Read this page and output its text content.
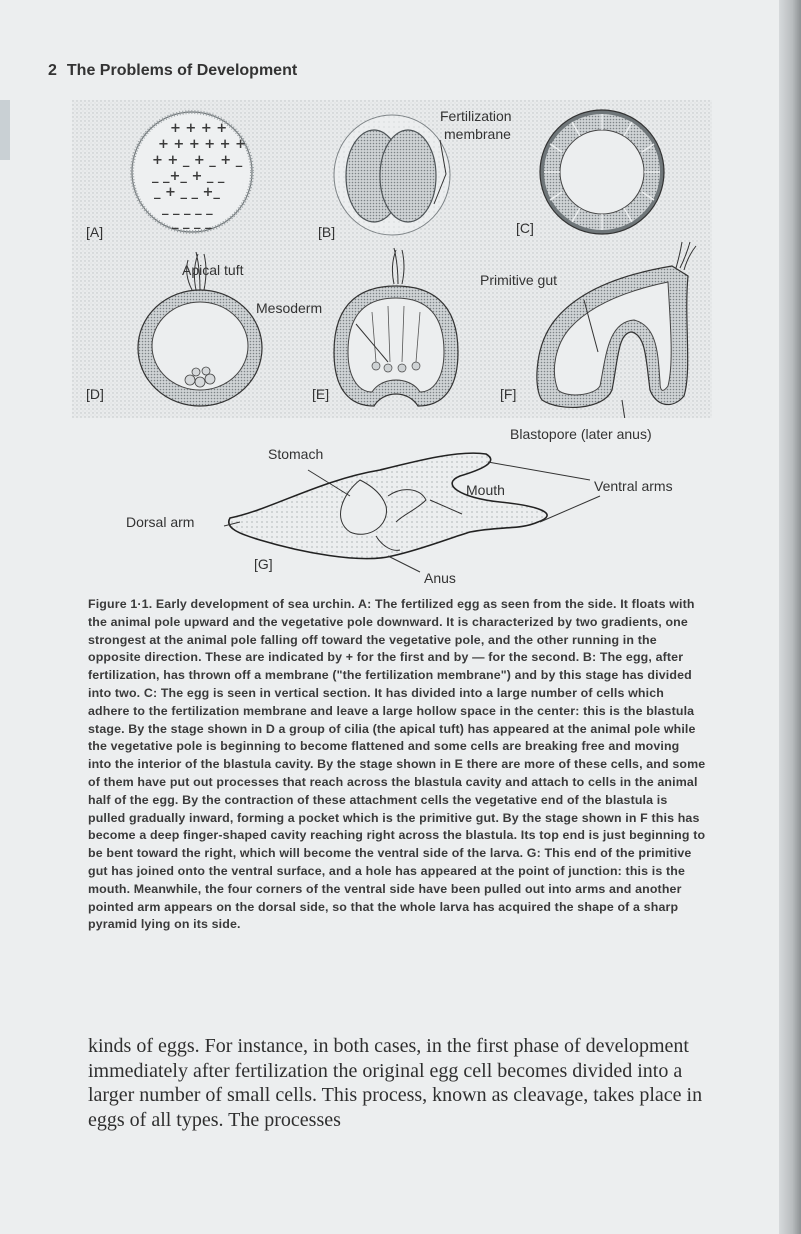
2 The Problems of Development
+ + + +
+ + + + + +
+ + _ + _ + _
_ _+_ + _ _
_ + _ _ +_
_ _ _ _ _
_ _ _ _
[A]	[B]	[C]
[D]	[E]	[F]
Fertilization
membrane
Apical tuft
Mesoderm
Primitive gut
Blastopore (later anus)
Stomach
Mouth	Ventral arms
Dorsal arm
[G]
Anus
Figure 1·1. Early development of sea urchin. A: The fertilized egg as seen from the side. It floats with the animal pole upward and the vegetative pole downward. It is characterized by two gradients, one strongest at the animal pole falling off toward the vegetative pole, and the other running in the opposite direction. These are indicated by + for the first and by — for the second. B: The egg, after fertilization, has thrown off a membrane ("the fertilization membrane") and by this stage has divided into two. C: The egg is seen in vertical section. It has divided into a large number of cells which adhere to the fertilization membrane and leave a large hollow space in the center: this is the blastula stage. By the stage shown in D a group of cilia (the apical tuft) has appeared at the animal pole while the vegetative pole is beginning to become flattened and some cells are breaking free and moving into the interior of the blastula cavity. By the stage shown in E there are more of these cells, and some of them have put out processes that reach across the blastula cavity and attach to cells in the animal half of the egg. By the contraction of these attachment cells the vegetative end of the blastula is pulled gradually inward, forming a pocket which is the primitive gut. By the stage shown in F this has become a deep finger-shaped cavity reaching right across the blastula. Its top end is just beginning to be bent toward the right, which will become the ventral side of the larva. G: This end of the primitive gut has joined onto the ventral surface, and a hole has appeared at the point of junction: this is the mouth. Meanwhile, the four corners of the ventral side have been pulled out into arms and another pointed arm appears on the dorsal side, so that the whole larva has acquired the shape of a sharp pyramid lying on its side.
kinds of eggs. For instance, in both cases, in the first phase of development immediately after fertilization the original egg cell becomes divided into a larger number of small cells. This process, known as cleavage, takes place in eggs of all types. The processes
